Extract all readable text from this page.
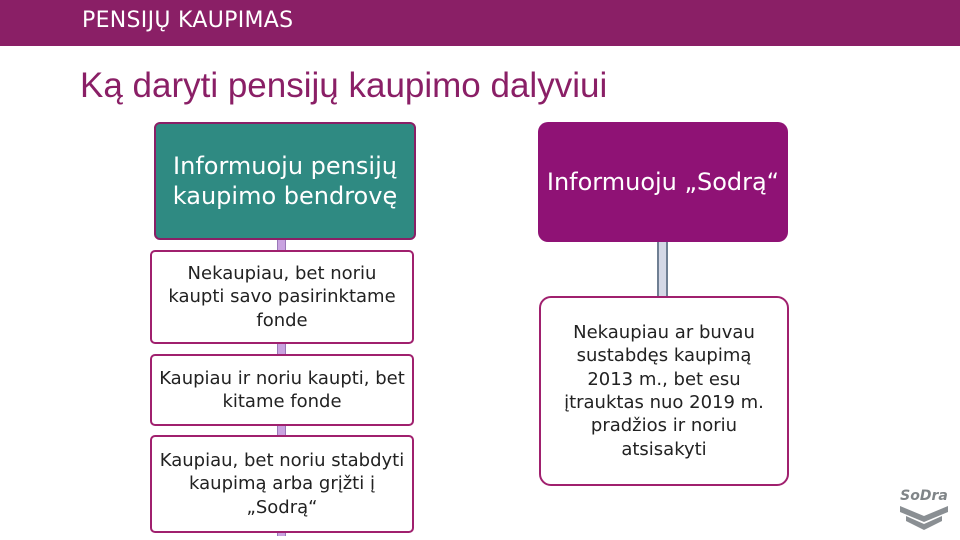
PENSIJŲ KAUPIMAS
Ką daryti pensijų kaupimo dalyviui
Informuoju pensijų kaupimo bendrovę	Informuoju „Sodrą“
Nekaupiau, bet noriu kaupti savo pasirinktame fonde
Kaupiau ir noriu kaupti, bet kitame fonde
Kaupiau, bet noriu stabdyti kaupimą arba grįžti į „Sodrą“
Nekaupiau ar buvau sustabdęs kaupimą 2013 m., bet esu įtrauktas nuo 2019 m. pradžios ir noriu atsisakyti
SoDra
